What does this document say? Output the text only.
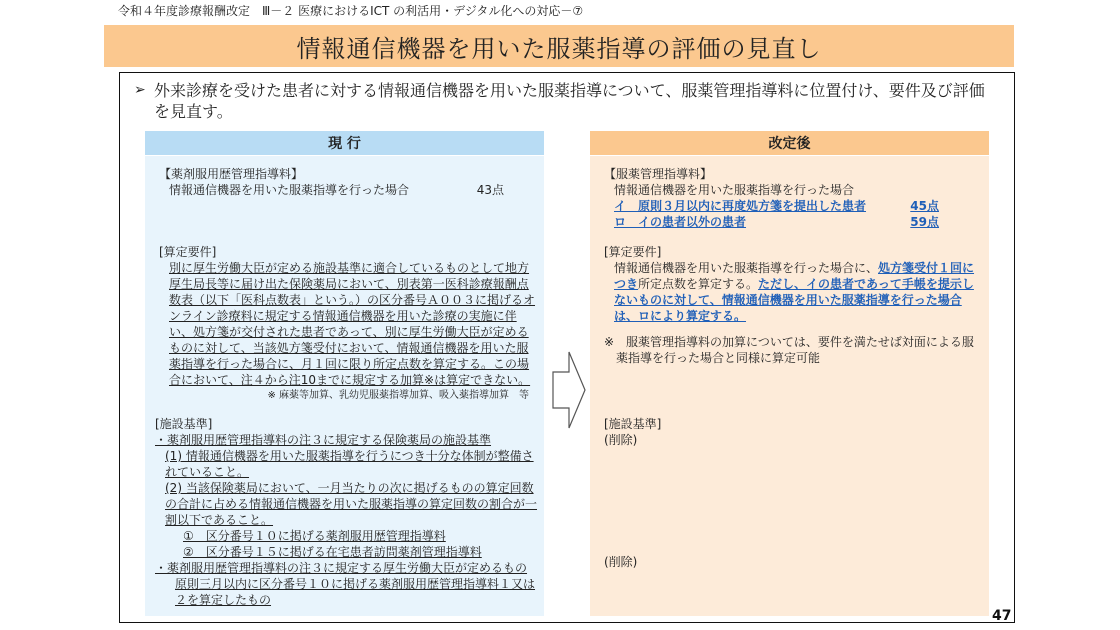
令和４年度診療報酬改定　Ⅲ－２ 医療におけるICT の利活用・デジタル化への対応－⑦
情報通信機器を用いた服薬指導の評価の見直し
➢ 外来診療を受けた患者に対する情報通信機器を用いた服薬指導について、服薬管理指導料に位置付け、要件及び評価を見直す。
現 行
【薬剤服用歴管理指導料】
情報通信機器を用いた服薬指導を行った場合	43点
[算定要件]
別に厚生労働大臣が定める施設基準に適合しているものとして地方厚生局長等に届け出た保険薬局において、別表第一医科診療報酬点数表（以下「医科点数表」という。）の区分番号Ａ００３に掲げるオンライン診療料に規定する情報通信機器を用いた診療の実施に伴い、処方箋が交付された患者であって、別に厚生労働大臣が定めるものに対して、当該処方箋受付において、情報通信機器を用いた服薬指導を行った場合に、月１回に限り所定点数を算定する。この場合において、注４から注10までに規定する加算※は算定できない。
※ 麻薬等加算、乳幼児服薬指導加算、吸入薬指導加算　等
[施設基準]
・薬剤服用歴管理指導料の注３に規定する保険薬局の施設基準
(1) 情報通信機器を用いた服薬指導を行うにつき十分な体制が整備されていること。
(2) 当該保険薬局において、一月当たりの次に掲げるものの算定回数の合計に占める情報通信機器を用いた服薬指導の算定回数の割合が一割以下であること。
①　区分番号１０に掲げる薬剤服用歴管理指導料
②　区分番号１５に掲げる在宅患者訪問薬剤管理指導料
・薬剤服用歴管理指導料の注３に規定する厚生労働大臣が定めるもの
原則三月以内に区分番号１０に掲げる薬剤服用歴管理指導料１又は２を算定したもの
改定後
【服薬管理指導料】
情報通信機器を用いた服薬指導を行った場合
イ　原則３月以内に再度処方箋を提出した患者	45点
ロ　イの患者以外の患者	59点
[算定要件]
情報通信機器を用いた服薬指導を行った場合に、処方箋受付１回につき所定点数を算定する。ただし、イの患者であって手帳を提示しないものに対して、情報通信機器を用いた服薬指導を行った場合は、ロにより算定する。
※　服薬管理指導料の加算については、要件を満たせば対面による服薬指導を行った場合と同様に算定可能
[施設基準]
(削除)
(削除)
47
